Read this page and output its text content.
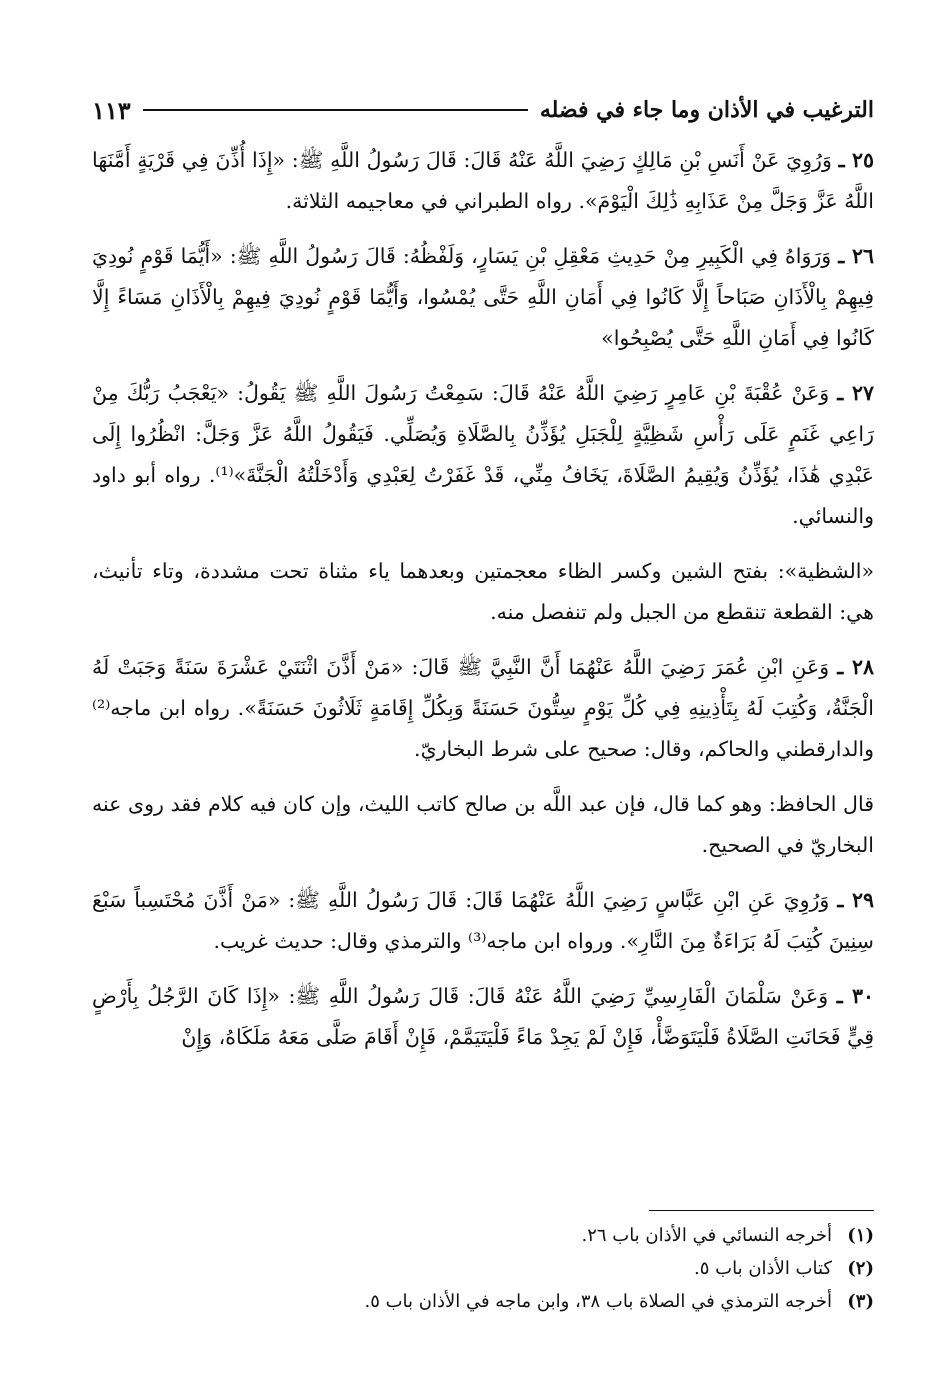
الترغيب في الأذان وما جاء في فضله
١١٣

٢٥ ـ وَرُوِيَ عَنْ أَنَسِ بْنِ مَالِكٍ رَضِيَ اللَّهُ عَنْهُ قَالَ: قَالَ رَسُولُ اللَّهِ ﷺ: «إِذَا أُذِّنَ فِي قَرْيَةٍ أَمَّنَهَا اللَّهُ عَزَّ وَجَلَّ مِنْ عَذَابِهِ ذَٰلِكَ الْيَوْمَ». رواه الطبراني في معاجيمه الثلاثة.

٢٦ ـ وَرَوَاهُ فِي الْكَبِيرِ مِنْ حَدِيثِ مَعْقِلِ بْنِ يَسَارٍ، وَلَفْظُهُ: قَالَ رَسُولُ اللَّهِ ﷺ: «أَيُّمَا قَوْمٍ نُودِيَ فِيهِمْ بِالْأَذَانِ صَبَاحاً إِلَّا كَانُوا فِي أَمَانِ اللَّهِ حَتَّى يُمْسُوا، وَأَيُّمَا قَوْمٍ نُودِيَ فِيهِمْ بِالْأَذَانِ مَسَاءً إِلَّا كَانُوا فِي أَمَانِ اللَّهِ حَتَّى يُصْبِحُوا»

٢٧ ـ وَعَنْ عُقْبَةَ بْنِ عَامِرٍ رَضِيَ اللَّهُ عَنْهُ قَالَ: سَمِعْتُ رَسُولَ اللَّهِ ﷺ يَقُولُ: «يَعْجَبُ رَبُّكَ مِنْ رَاعِي غَنَمٍ عَلَى رَأْسِ شَظِيَّةٍ لِلْجَبَلِ يُؤَذِّنُ بِالصَّلَاةِ وَيُصَلِّي. فَيَقُولُ اللَّهُ عَزَّ وَجَلَّ: انْظُرُوا إِلَى عَبْدِي هَٰذَا، يُؤَذِّنُ وَيُقِيمُ الصَّلَاةَ، يَخَافُ مِنِّي، قَدْ غَفَرْتُ لِعَبْدِي وَأَدْخَلْتُهُ الْجَنَّةَ»⁽¹⁾. رواه أبو داود والنسائي.

«الشظية»: بفتح الشين وكسر الظاء معجمتين وبعدهما ياء مثناة تحت مشددة، وتاء تأنيث، هي: القطعة تنقطع من الجبل ولم تنفصل منه.

٢٨ ـ وَعَنِ ابْنِ عُمَرَ رَضِيَ اللَّهُ عَنْهُمَا أَنَّ النَّبِيَّ ﷺ قَالَ: «مَنْ أَذَّنَ اثْنَتَيْ عَشْرَةَ سَنَةً وَجَبَتْ لَهُ الْجَنَّةُ، وَكُتِبَ لَهُ بِتَأْذِينِهِ فِي كُلِّ يَوْمٍ سِتُّونَ حَسَنَةً وَبِكُلِّ إِقَامَةٍ ثَلَاثُونَ حَسَنَةً». رواه ابن ماجه⁽²⁾ والدارقطني والحاكم، وقال: صحيح على شرط البخاريّ.

قال الحافظ: وهو كما قال، فإن عبد اللَّه بن صالح كاتب الليث، وإن كان فيه كلام فقد روى عنه البخاريّ في الصحيح.

٢٩ ـ وَرُوِيَ عَنِ ابْنِ عَبَّاسٍ رَضِيَ اللَّهُ عَنْهُمَا قَالَ: قَالَ رَسُولُ اللَّهِ ﷺ: «مَنْ أَذَّنَ مُحْتَسِباً سَبْعَ سِنِينَ كُتِبَ لَهُ بَرَاءَةٌ مِنَ النَّارِ». ورواه ابن ماجه⁽³⁾ والترمذي وقال: حديث غريب.

٣٠ ـ وَعَنْ سَلْمَانَ الْفَارِسِيِّ رَضِيَ اللَّهُ عَنْهُ قَالَ: قَالَ رَسُولُ اللَّهِ ﷺ: «إِذَا كَانَ الرَّجُلُ بِأَرْضٍ قِيٍّ فَحَانَتِ الصَّلَاةُ فَلْيَتَوَضَّأْ، فَإِنْ لَمْ يَجِدْ مَاءً فَلْيَتَيَمَّمْ، فَإِنْ أَقَامَ صَلَّى مَعَهُ مَلَكَاهُ، وَإِنْ

(١)
أخرجه النسائي في الأذان باب ٢٦.
(٢)
كتاب الأذان باب ٥.
(٣)
أخرجه الترمذي في الصلاة باب ٣٨، وابن ماجه في الأذان باب ٥.
